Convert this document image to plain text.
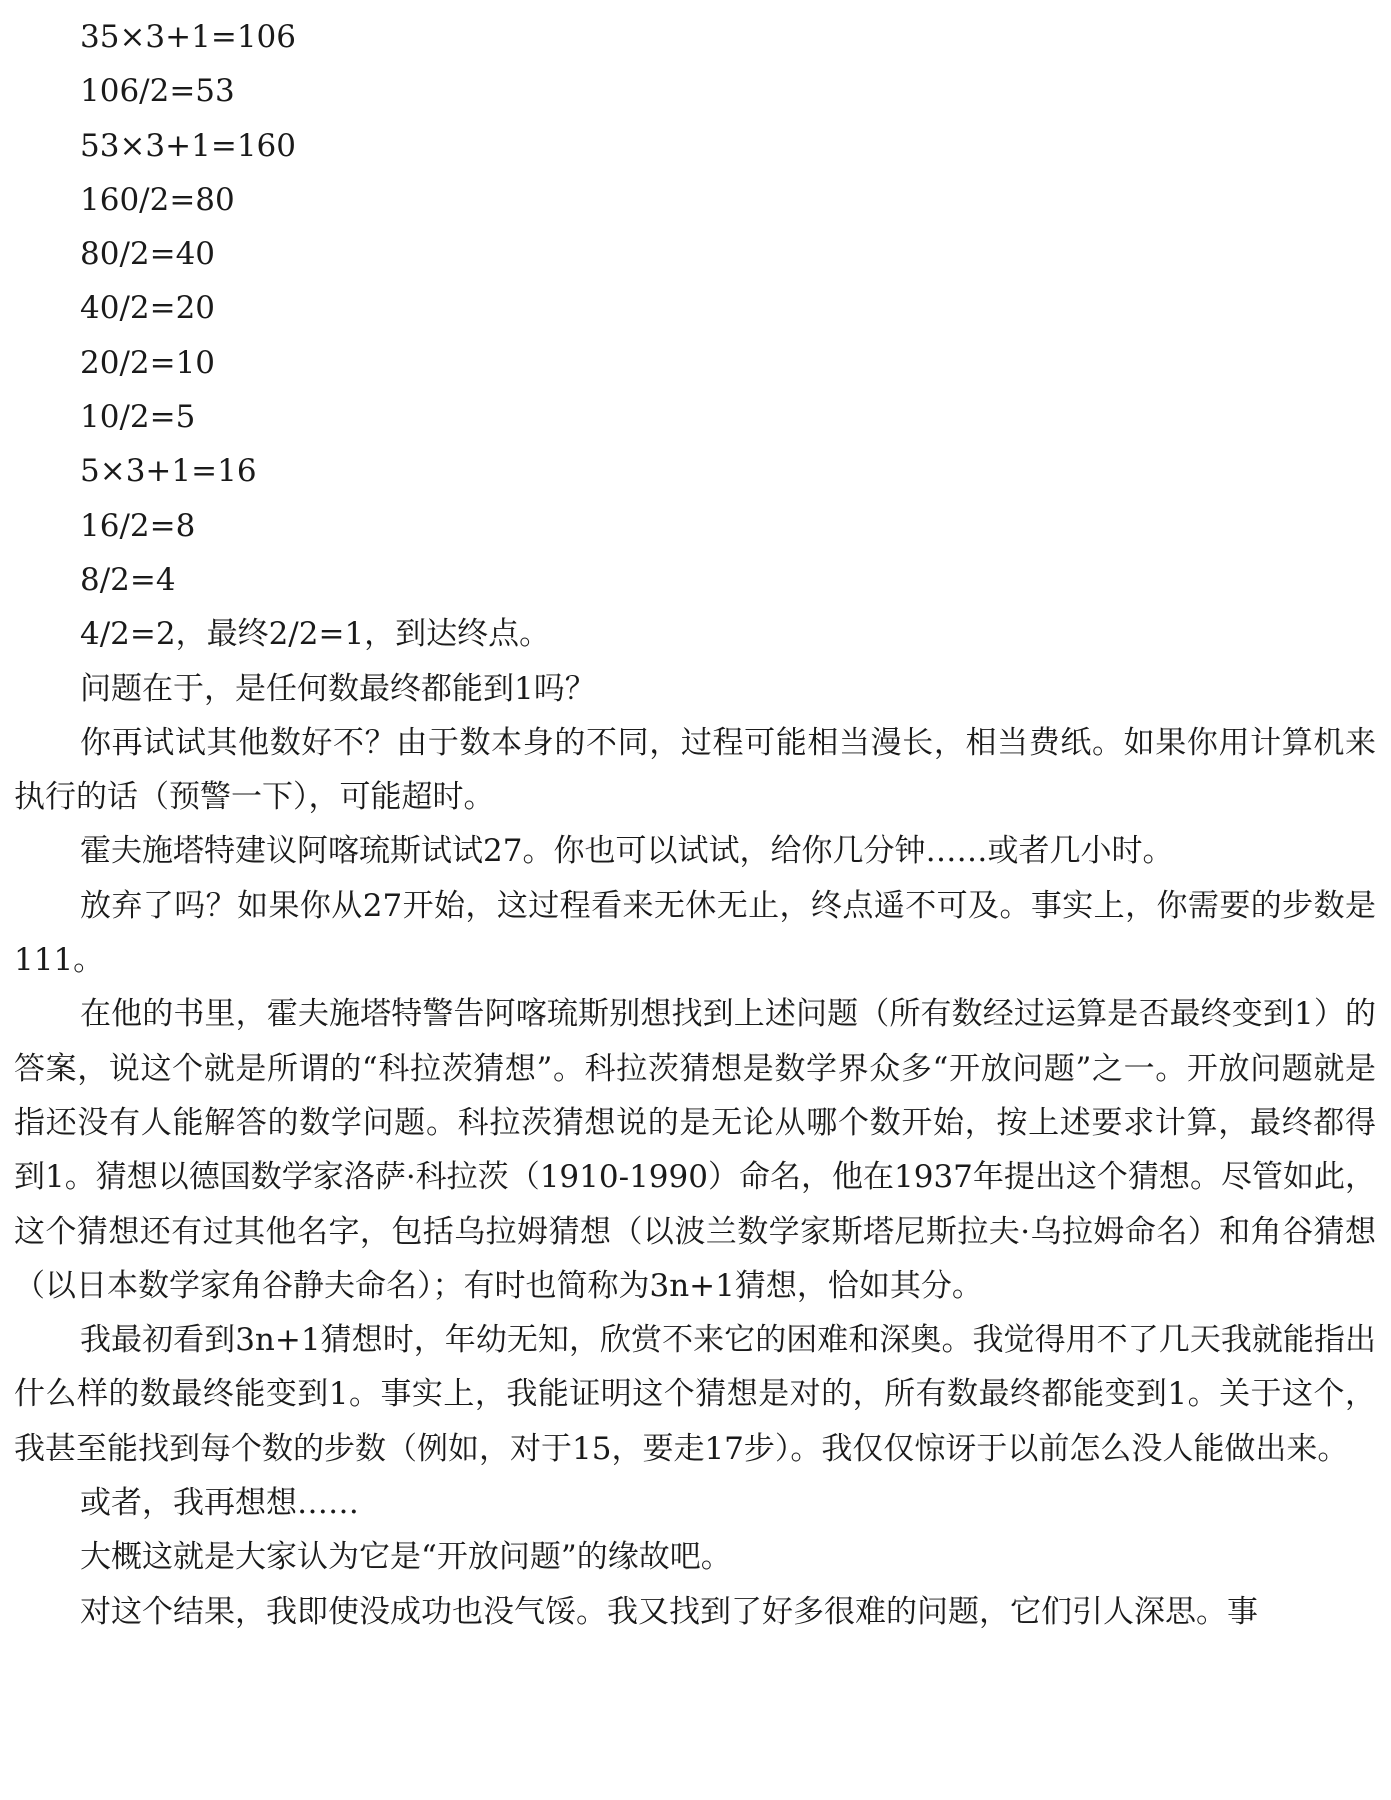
35×3+1=106
106/2=53
53×3+1=160
160/2=80
80/2=40
40/2=20
20/2=10
10/2=5
5×3+1=16
16/2=8
8/2=4
4/2=2，最终2/2=1，到达终点。

问题在于，是任何数最终都能到1吗？

你再试试其他数好不？由于数本身的不同，过程可能相当漫长，相当费纸。如果你用计算机来执行的话（预警一下），可能超时。

霍夫施塔特建议阿喀琉斯试试27。你也可以试试，给你几分钟……或者几小时。

放弃了吗？如果你从27开始，这过程看来无休无止，终点遥不可及。事实上，你需要的步数是111。

在他的书里，霍夫施塔特警告阿喀琉斯别想找到上述问题（所有数经过运算是否最终变到1）的答案，说这个就是所谓的“科拉茨猜想”。科拉茨猜想是数学界众多“开放问题”之一。开放问题就是指还没有人能解答的数学问题。科拉茨猜想说的是无论从哪个数开始，按上述要求计算，最终都得到1。猜想以德国数学家洛萨·科拉茨（1910-1990）命名，他在1937年提出这个猜想。尽管如此，这个猜想还有过其他名字，包括乌拉姆猜想（以波兰数学家斯塔尼斯拉夫·乌拉姆命名）和角谷猜想（以日本数学家角谷静夫命名）；有时也简称为3n+1猜想，恰如其分。

我最初看到3n+1猜想时，年幼无知，欣赏不来它的困难和深奥。我觉得用不了几天我就能指出什么样的数最终能变到1。事实上，我能证明这个猜想是对的，所有数最终都能变到1。关于这个，我甚至能找到每个数的步数（例如，对于15，要走17步）。我仅仅惊讶于以前怎么没人能做出来。

或者，我再想想……

大概这就是大家认为它是“开放问题”的缘故吧。

对这个结果，我即使没成功也没气馁。我又找到了好多很难的问题，它们引人深思。事
